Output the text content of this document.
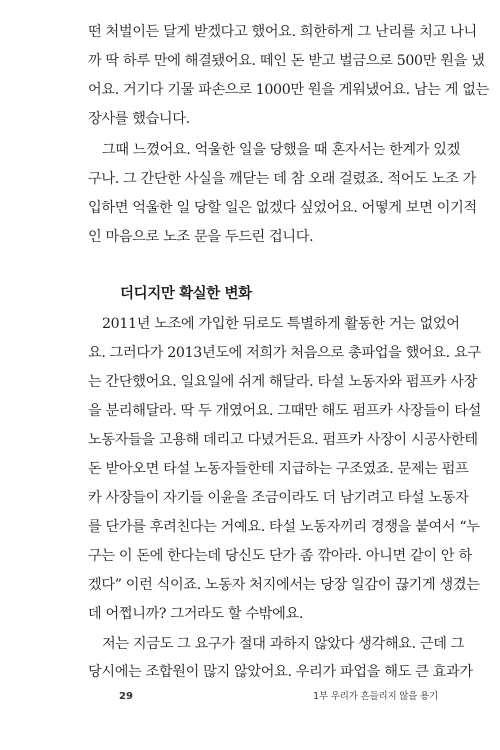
떤 처벌이든 달게 받겠다고 했어요. 희한하게 그 난리를 치고 나니
까 딱 하루 만에 해결됐어요. 떼인 돈 받고 벌금으로 500만 원을 냈
어요. 거기다 기물 파손으로 1000만 원을 게워냈어요. 남는 게 없는
장사를 했습니다.
그때 느꼈어요. 억울한 일을 당했을 때 혼자서는 한계가 있겠
구나. 그 간단한 사실을 깨닫는 데 참 오래 걸렸죠. 적어도 노조 가
입하면 억울한 일 당할 일은 없겠다 싶었어요. 어떻게 보면 이기적
인 마음으로 노조 문을 두드린 겁니다.
더디지만 확실한 변화
2011년 노조에 가입한 뒤로도 특별하게 활동한 거는 없었어
요. 그러다가 2013년도에 저희가 처음으로 총파업을 했어요. 요구
는 간단했어요. 일요일에 쉬게 해달라. 타설 노동자와 펌프카 사장
을 분리해달라. 딱 두 개였어요. 그때만 해도 펌프카 사장들이 타설
노동자들을 고용해 데리고 다녔거든요. 펌프카 사장이 시공사한테
돈 받아오면 타설 노동자들한테 지급하는 구조였죠. 문제는 펌프
카 사장들이 자기들 이윤을 조금이라도 더 남기려고 타설 노동자
를 단가를 후려친다는 거예요. 타설 노동자끼리 경쟁을 붙여서 “누
구는 이 돈에 한다는데 당신도 단가 좀 깎아라. 아니면 같이 안 하
겠다” 이런 식이죠. 노동자 처지에서는 당장 일감이 끊기게 생겼는
데 어쩝니까? 그거라도 할 수밖에요.
저는 지금도 그 요구가 절대 과하지 않았다 생각해요. 근데 그
당시에는 조합원이 많지 않았어요. 우리가 파업을 해도 큰 효과가
29	1부 우리가 흔들리지 않을 용기
